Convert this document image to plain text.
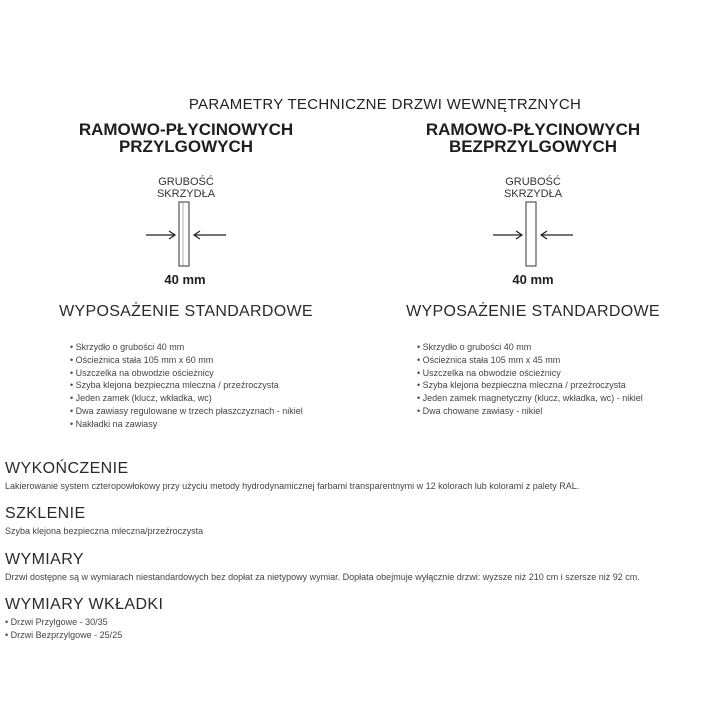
PARAMETRY TECHNICZNE DRZWI WEWNĘTRZNYCH
RAMOWO-PŁYCINOWYCH
PRZYLGOWYCH
GRUBOŚĆ
SKRZYDŁA
40 mm
WYPOSAŻENIE STANDARDOWE
• Skrzydło o grubości 40 mm
• Ościeżnica stała 105 mm x 60 mm
• Uszczelka na obwodzie ościeżnicy
• Szyba klejona bezpieczna mleczna / przeźroczysta
• Jeden zamek (klucz, wkładka, wc)
• Dwa zawiasy regulowane w trzech płaszczyznach - nikiel
• Nakładki na zawiasy
RAMOWO-PŁYCINOWYCH
BEZPRZYLGOWYCH
GRUBOŚĆ
SKRZYDŁA
40 mm
WYPOSAŻENIE STANDARDOWE
• Skrzydło o grubości 40 mm
• Ościeżnica stała 105 mm x 45 mm
• Uszczelka na obwodzie ościeżnicy
• Szyba klejona bezpieczna mleczna / przeźroczysta
• Jeden zamek magnetyczny (klucz, wkładka, wc) - nikiel
• Dwa chowane zawiasy - nikiel
WYKOŃCZENIE
Lakierowanie system czteropowłokowy przy użyciu metody hydrodynamicznej farbami transparentnymi w 12 kolorach lub kolorami z palety RAL.
SZKLENIE
Szyba klejona bezpieczna mleczna/przeźroczysta
WYMIARY
Drzwi dostępne są w wymiarach niestandardowych bez dopłat za nietypowy wymiar. Dopłata obejmuje wyłącznie drzwi: wyższe niż 210 cm i szersze niż 92 cm.
WYMIARY WKŁADKI
• Drzwi Przylgowe - 30/35
• Drzwi Bezprzylgowe - 25/25
